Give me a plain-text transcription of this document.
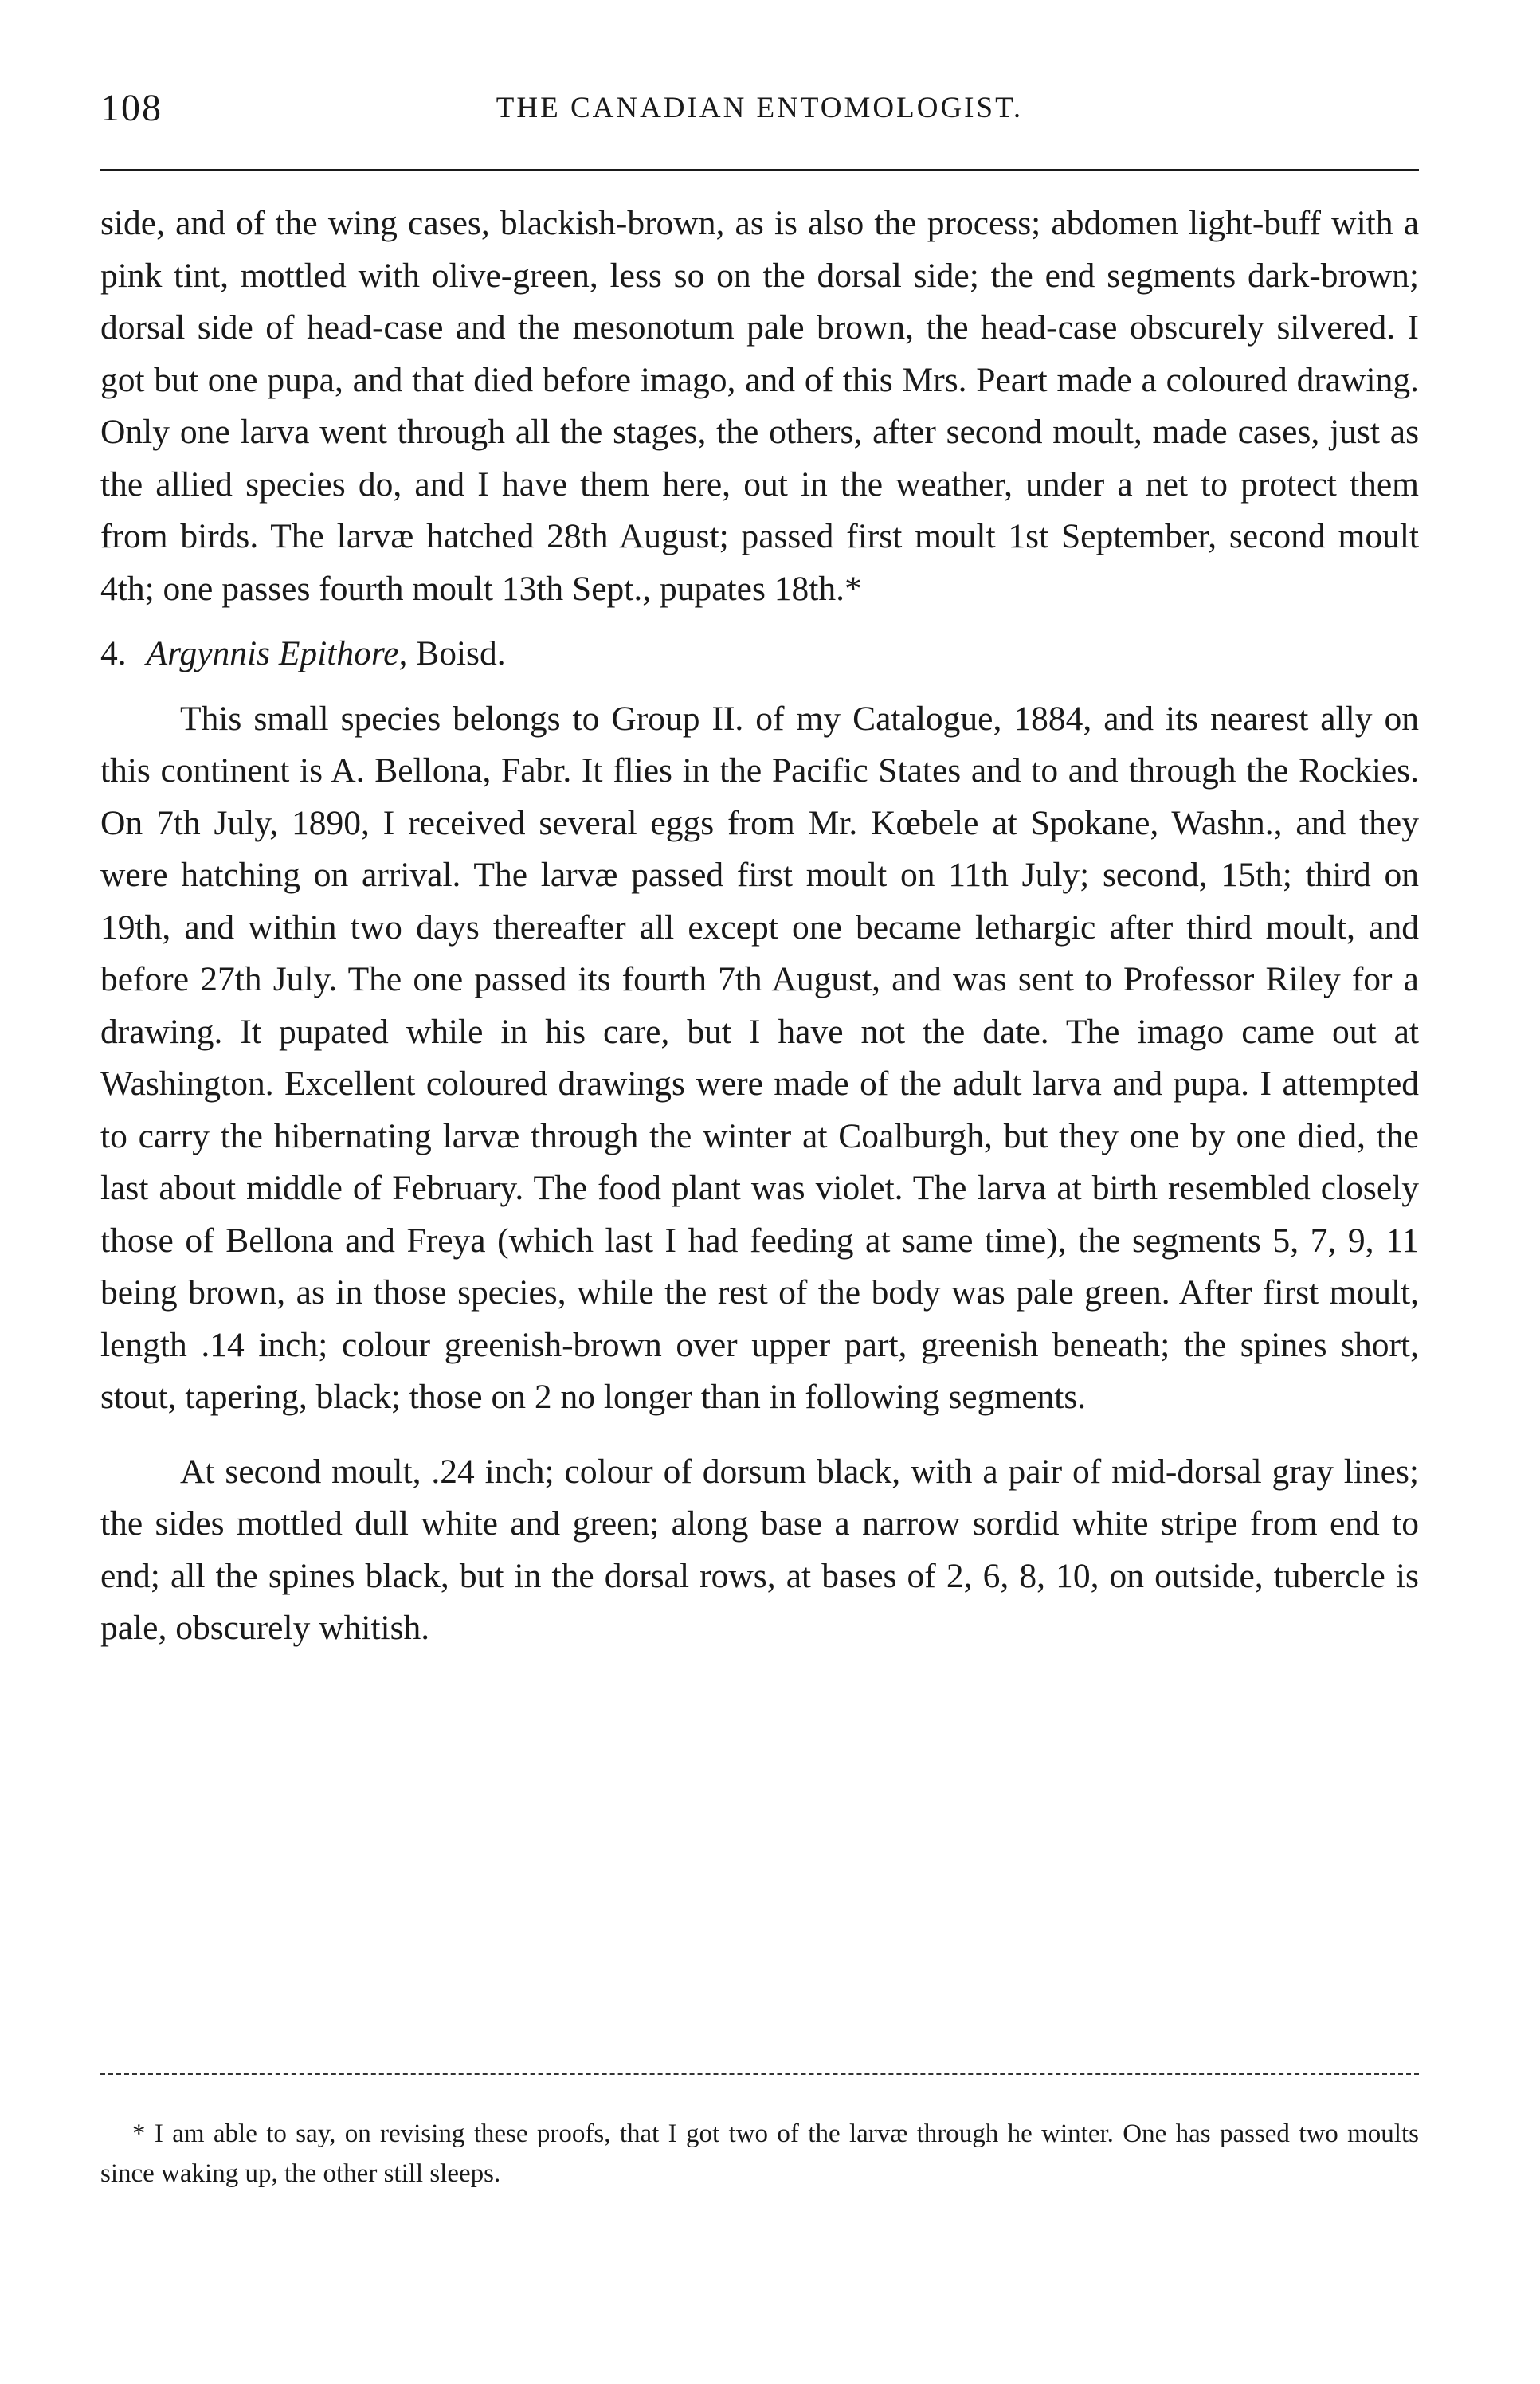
108	THE CANADIAN ENTOMOLOGIST.

side, and of the wing cases, blackish-brown, as is also the process; abdomen light-buff with a pink tint, mottled with olive-green, less so on the dorsal side; the end segments dark-brown; dorsal side of head-case and the mesonotum pale brown, the head-case obscurely silvered. I got but one pupa, and that died before imago, and of this Mrs. Peart made a coloured drawing. Only one larva went through all the stages, the others, after second moult, made cases, just as the allied species do, and I have them here, out in the weather, under a net to protect them from birds. The larvæ hatched 28th August; passed first moult 1st September, second moult 4th; one passes fourth moult 13th Sept., pupates 18th.*

4. Argynnis Epithore, Boisd.

This small species belongs to Group II. of my Catalogue, 1884, and its nearest ally on this continent is A. Bellona, Fabr. It flies in the Pacific States and to and through the Rockies. On 7th July, 1890, I received several eggs from Mr. Kœbele at Spokane, Washn., and they were hatching on arrival. The larvæ passed first moult on 11th July; second, 15th; third on 19th, and within two days thereafter all except one became lethargic after third moult, and before 27th July. The one passed its fourth 7th August, and was sent to Professor Riley for a drawing. It pupated while in his care, but I have not the date. The imago came out at Washington. Excellent coloured drawings were made of the adult larva and pupa. I attempted to carry the hibernating larvæ through the winter at Coalburgh, but they one by one died, the last about middle of February. The food plant was violet. The larva at birth resembled closely those of Bellona and Freya (which last I had feeding at same time), the segments 5, 7, 9, 11 being brown, as in those species, while the rest of the body was pale green. After first moult, length .14 inch; colour greenish-brown over upper part, greenish beneath; the spines short, stout, tapering, black; those on 2 no longer than in following segments.

At second moult, .24 inch; colour of dorsum black, with a pair of mid-dorsal gray lines; the sides mottled dull white and green; along base a narrow sordid white stripe from end to end; all the spines black, but in the dorsal rows, at bases of 2, 6, 8, 10, on outside, tubercle is pale, obscurely whitish.

* I am able to say, on revising these proofs, that I got two of the larvæ through he winter. One has passed two moults since waking up, the other still sleeps.
